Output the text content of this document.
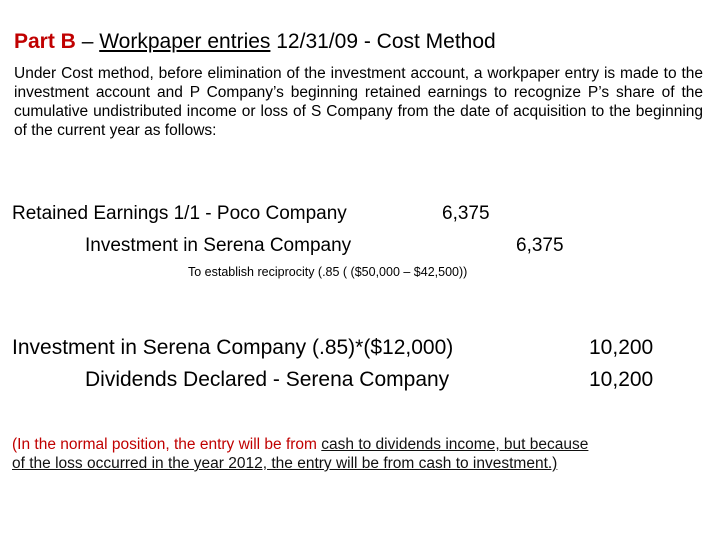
Part B – Workpaper entries 12/31/09 - Cost Method
Under Cost method, before elimination of the investment account, a workpaper entry is made to the investment account and P Company’s beginning retained earnings to recognize P’s share of the cumulative undistributed income or loss of S Company from the date of acquisition to the beginning of the current year as follows:
Retained Earnings 1/1 - Poco Company	6,375
Investment in Serena Company	6,375
To establish reciprocity (.85 ( ($50,000 – $42,500))
Investment in Serena Company (.85)*($12,000)	10,200
Dividends Declared - Serena Company	10,200
(In the normal position, the entry will be from cash to dividends income, but because
of the loss occurred in the year 2012, the entry will be from cash to investment.)
